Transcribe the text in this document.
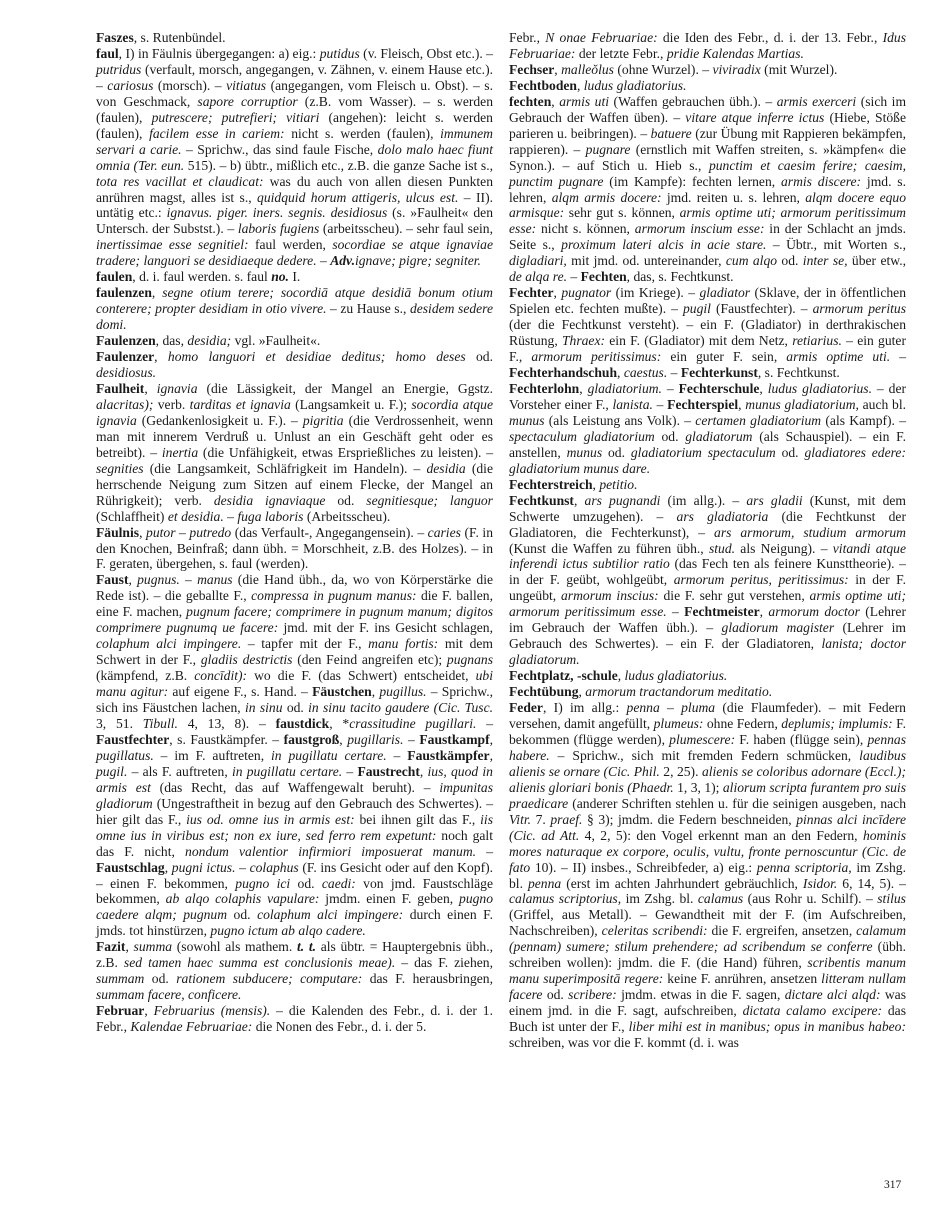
Faszes, s. Rutenbündel.

faul, I) in Fäulnis übergegangen: a) eig.: putidus (v. Fleisch, Obst etc.). – putridus (verfault, morsch, angegangen, v. Zähnen, v. einem Hause etc.). – cariosus (morsch). – vitiatus (angegangen, vom Fleisch u. Obst). – s. von Geschmack, sapore corruptior (z.B. vom Wasser). – s. werden (faulen), putrescere; putrefieri; vitiari (angehen): leicht s. werden (faulen), facilem esse in cariem: nicht s. werden (faulen), immunem servari a carie. – Sprichw., das sind faule Fische, dolo malo haec fiunt omnia (Ter. eun. 515). – b) übtr., mißlich etc., z.B. die ganze Sache ist s., tota res vacillat et claudicat: was du auch von allen diesen Punkten anrühren magst, alles ist s., quidquid horum attigeris, ulcus est. – II). untätig etc.: ignavus. piger. iners. segnis. desidiosus (s. »Faulheit« den Untersch. der Substst.). – laboris fugiens (arbeitsscheu). – sehr faul sein, inertissimae esse segnitiel: faul werden, socordiae se atque ignaviae tradere; languori se desidiaeque dedere. – Adv.ignave; pigre; segniter.

faulen, d. i. faul werden. s. faul no. I.

faulenzen, segne otium terere; socordiā atque desidiā bonum otium conterere; propter desidiam in otio vivere. – zu Hause s., desidem sedere domi.

Faulenzen, das, desidia; vgl. »Faulheit«.

Faulenzer, homo languori et desidiae deditus; homo deses od. desidiosus.

Faulheit, ignavia (die Lässigkeit, der Mangel an Energie, Ggstz. alacritas); verb. tarditas et ignavia (Langsamkeit u. F.); socordia atque ignavia (Gedankenlosigkeit u. F.). – pigritia (die Verdrossenheit, wenn man mit innerem Verdruß u. Unlust an ein Geschäft geht oder es betreibt). – inertia (die Unfähigkeit, etwas Ersprießliches zu leisten). – segnities (die Langsamkeit, Schläfrigkeit im Handeln). – desidia (die herrschende Neigung zum Sitzen auf einem Flecke, der Mangel an Rührigkeit); verb. desidia ignaviaque od. segnitiesque; languor (Schlaffheit) et desidia. – fuga laboris (Arbeitsscheu).

Fäulnis, putor – putredo (das Verfault-, Angegangensein). – caries (F. in den Knochen, Beinfraß; dann übh. = Morschheit, z.B. des Holzes). – in F. geraten, übergehen, s. faul (werden).

Faust, pugnus. – manus (die Hand übh., da, wo von Körperstärke die Rede ist). – die geballte F., compressa in pugnum manus: die F. ballen, eine F. machen, pugnum facere; comprimere in pugnum manum; digitos comprimere pugnumq ue facere: jmd. mit der F. ins Gesicht schlagen, colaphum alci impingere. – tapfer mit der F., manu fortis: mit dem Schwert in der F., gladiis destrictis (den Feind angreifen etc); pugnans (kämpfend, z.B. concīdit): wo die F. (das Schwert) entscheidet, ubi manu agitur: auf eigene F., s. Hand. – Fäustchen, pugillus. – Sprichw., sich ins Fäustchen lachen, in sinu od. in sinu tacito gaudere (Cic. Tusc. 3, 51. Tibull. 4, 13, 8). – faustdick, *crassitudine pugillari. – Faustfechter, s. Faustkämpfer. – faustgroß, pugillaris. – Faustkampf, pugillatus. – im F. auftreten, in pugillatu certare. – Faustkämpfer, pugil. – als F. auftreten, in pugillatu certare. – Faustrecht, ius, quod in armis est (das Recht, das auf Waffengewalt beruht). – impunitas gladiorum (Ungestraftheit in bezug auf den Gebrauch des Schwertes). – hier gilt das F., ius od. omne ius in armis est: bei ihnen gilt das F., iis omne ius in viribus est; non ex iure, sed ferro rem expetunt: noch galt das F. nicht, nondum valentior infirmiori imposuerat manum. – Faustschlag, pugni ictus. – colaphus (F. ins Gesicht oder auf den Kopf). – einen F. bekommen, pugno ici od. caedi: von jmd. Faustschläge bekommen, ab alqo colaphis vapulare: jmdm. einen F. geben, pugno caedere alqm; pugnum od. colaphum alci impingere: durch einen F. jmds. tot hinstürzen, pugno ictum ab alqo cadere.

Fazit, summa (sowohl als mathem. t. t. als übtr. = Hauptergebnis übh., z.B. sed tamen haec summa est conclusionis meae). – das F. ziehen, summam od. rationem subducere; computare: das F. herausbringen, summam facere, conficere.

Februar, Februarius (mensis). – die Kalenden des Febr., d. i. der 1. Febr., Kalendae Februariae: die Nonen des Febr., d. i. der 5.

Febr., N onae Februariae: die Iden des Febr., d. i. der 13. Febr., Idus Februariae: der letzte Febr., pridie Kalendas Martias.

Fechser, malleŏlus (ohne Wurzel). – viviradix (mit Wurzel).

Fechtboden, ludus gladiatorius.

fechten, armis uti (Waffen gebrauchen übh.). – armis exerceri (sich im Gebrauch der Waffen üben). – vitare atque inferre ictus (Hiebe, Stöße parieren u. beibringen). – batuere (zur Übung mit Rappieren bekämpfen, rappieren). – pugnare (ernstlich mit Waffen streiten, s. »kämpfen« die Synon.). – auf Stich u. Hieb s., punctim et caesim ferire; caesim, punctim pugnare (im Kampfe): fechten lernen, armis discere: jmd. s. lehren, alqm armis docere: jmd. reiten u. s. lehren, alqm docere equo armisque: sehr gut s. können, armis optime uti; armorum peritissimum esse: nicht s. können, armorum inscium esse: in der Schlacht an jmds. Seite s., proximum lateri alcis in acie stare. – Übtr., mit Worten s., digladiari, mit jmd. od. untereinander, cum alqo od. inter se, über etw., de alqa re. – Fechten, das, s. Fechtkunst.

Fechter, pugnator (im Kriege). – gladiator (Sklave, der in öffentlichen Spielen etc. fechten mußte). – pugil (Faustfechter). – armorum peritus (der die Fechtkunst versteht). – ein F. (Gladiator) in derthrakischen Rüstung, Thraex: ein F. (Gladiator) mit dem Netz, retiarius. – ein guter F., armorum peritissimus: ein guter F. sein, armis optime uti. – Fechterhandschuh, caestus. – Fechterkunst, s. Fechtkunst.

Fechterlohn, gladiatorium. – Fechterschule, ludus gladiatorius. – der Vorsteher einer F., lanista. – Fechterspiel, munus gladiatorium, auch bl. munus (als Leistung ans Volk). – certamen gladiatorium (als Kampf). – spectaculum gladiatorium od. gladiatorum (als Schauspiel). – ein F. anstellen, munus od. gladiatorium spectaculum od. gladiatores edere: gladiatorium munus dare.

Fechterstreich, petitio.

Fechtkunst, ars pugnandi (im allg.). – ars gladii (Kunst, mit dem Schwerte umzugehen). – ars gladiatoria (die Fechtkunst der Gladiatoren, die Fechterkunst), – ars armorum, studium armorum (Kunst die Waffen zu führen übh., stud. als Neigung). – vitandi atque inferendi ictus subtilior ratio (das Fech ten als feinere Kunsttheorie). – in der F. geübt, wohlgeübt, armorum peritus, peritissimus: in der F. ungeübt, armorum inscius: die F. sehr gut verstehen, armis optime uti; armorum peritissimum esse. – Fechtmeister, armorum doctor (Lehrer im Gebrauch der Waffen übh.). – gladiorum magister (Lehrer im Gebrauch des Schwertes). – ein F. der Gladiatoren, lanista; doctor gladiatorum.

Fechtplatz, -schule, ludus gladiatorius.

Fechtübung, armorum tractandorum meditatio.

Feder, I) im allg.: penna – pluma (die Flaumfeder). – mit Federn versehen, damit angefüllt, plumeus: ohne Federn, deplumis; implumis: F. bekommen (flügge werden), plumescere: F. haben (flügge sein), pennas habere. – Sprichw., sich mit fremden Federn schmücken, laudibus alienis se ornare (Cic. Phil. 2, 25). alienis se coloribus adornare (Eccl.); alienis gloriari bonis (Phaedr. 1, 3, 1); aliorum scripta furantem pro suis praedicare (anderer Schriften stehlen u. für die seinigen ausgeben, nach Vitr. 7. praef. § 3); jmdm. die Federn beschneiden, pinnas alci incīdere (Cic. ad Att. 4, 2, 5): den Vogel erkennt man an den Federn, hominis mores naturaque ex corpore, oculis, vultu, fronte pernoscuntur (Cic. de fato 10). – II) insbes., Schreibfeder, a) eig.: penna scriptoria, im Zshg. bl. penna (erst im achten Jahrhundert gebräuchlich, Isidor. 6, 14, 5). – calamus scriptorius, im Zshg. bl. calamus (aus Rohr u. Schilf). – stilus (Griffel, aus Metall). – Gewandtheit mit der F. (im Aufschreiben, Nachschreiben), celeritas scribendi: die F. ergreifen, ansetzen, calamum (pennam) sumere; stilum prehendere; ad scribendum se conferre (übh. schreiben wollen): jmdm. die F. (die Hand) führen, scribentis manum manu superimpositā regere: keine F. anrühren, ansetzen litteram nullam facere od. scribere: jmdm. etwas in die F. sagen, dictare alci alqd: was einem jmd. in die F. sagt, aufschreiben, dictata calamo excipere: das Buch ist unter der F., liber mihi est in manibus; opus in manibus habeo: schreiben, was vor die F. kommt (d. i. was

317
